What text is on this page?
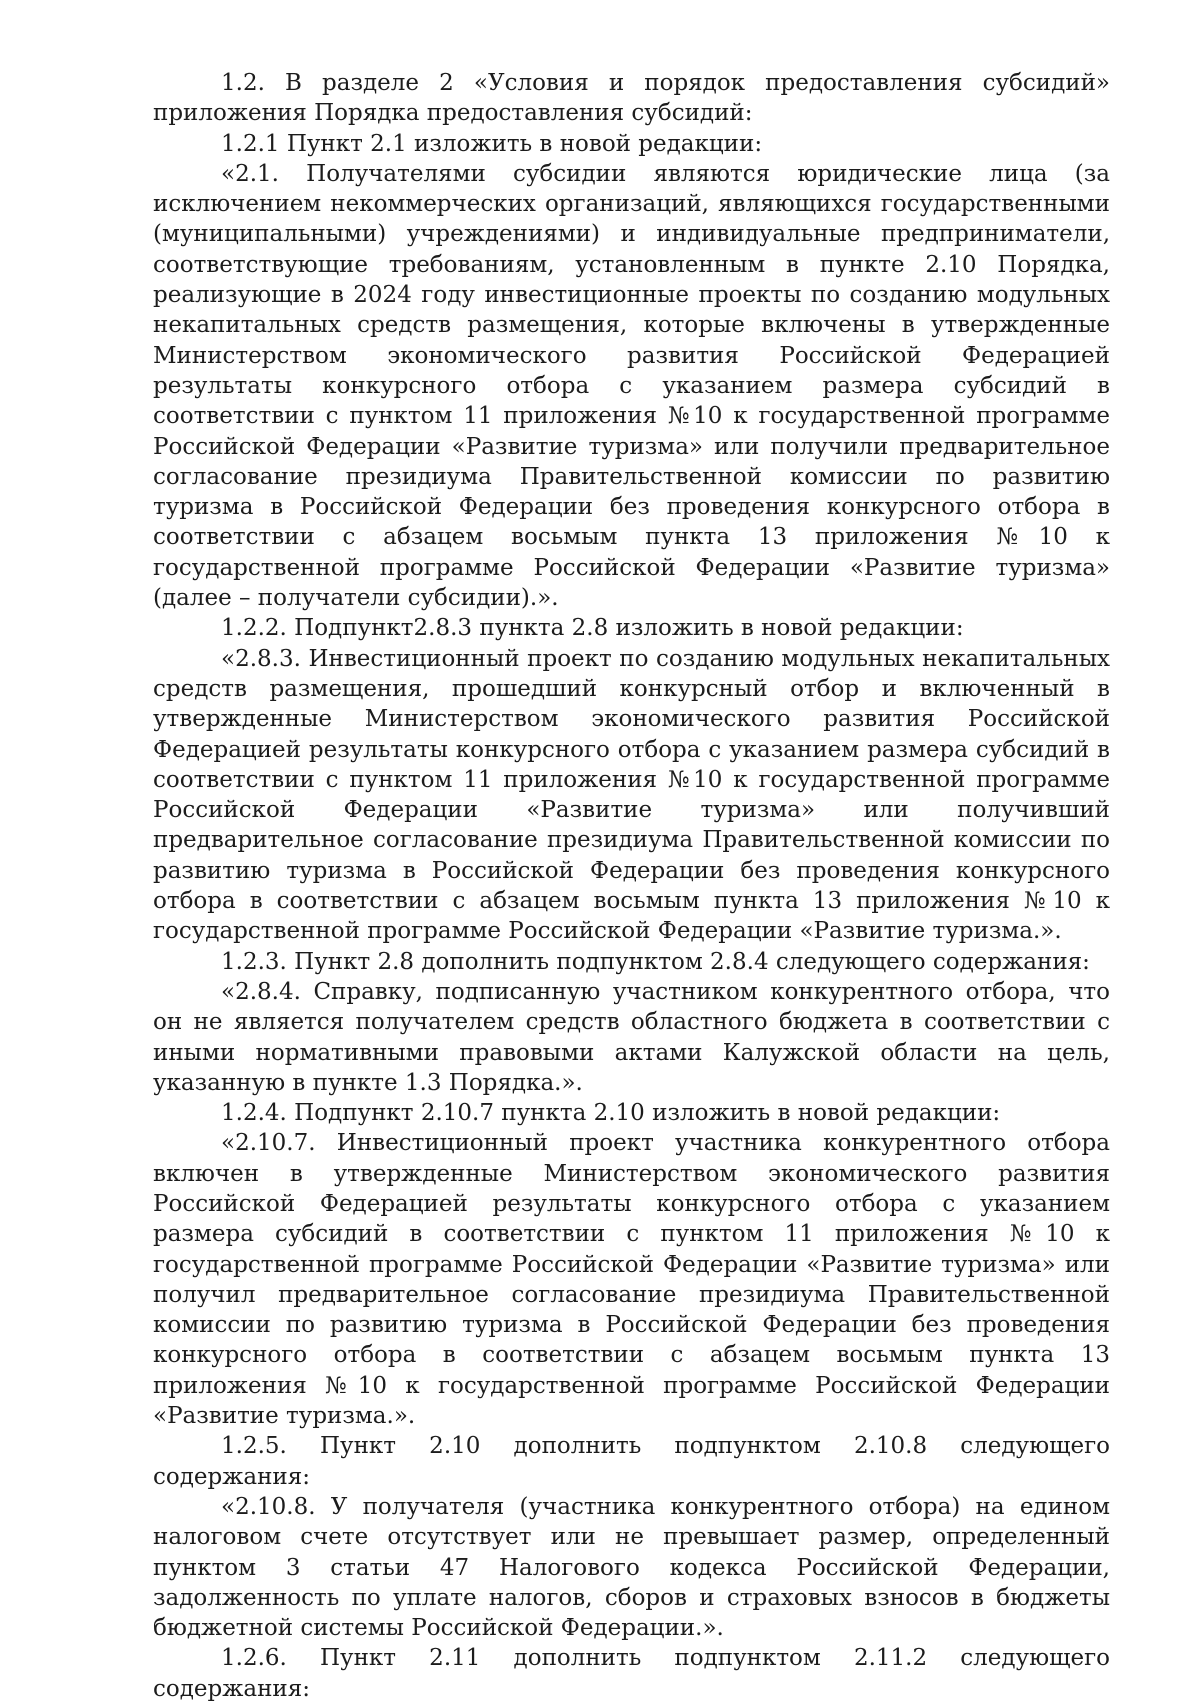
1.2. В разделе 2 «Условия и порядок предоставления субсидий» приложения Порядка предоставления субсидий:

1.2.1 Пункт 2.1 изложить в новой редакции:

«2.1. Получателями субсидии являются юридические лица (за исключением некоммерческих организаций, являющихся государственными (муниципальными) учреждениями) и индивидуальные предприниматели, соответствующие требованиям, установленным в пункте 2.10 Порядка, реализующие в 2024 году инвестиционные проекты по созданию модульных некапитальных средств размещения, которые включены в утвержденные Министерством экономического развития Российской Федерацией результаты конкурсного отбора с указанием размера субсидий в соответствии с пунктом 11 приложения №10 к государственной программе Российской Федерации «Развитие туризма» или получили предварительное согласование президиума Правительственной комиссии по развитию туризма в Российской Федерации без проведения конкурсного отбора в соответствии с абзацем восьмым пункта 13 приложения №10 к государственной программе Российской Федерации «Развитие туризма» (далее – получатели субсидии).».

1.2.2. Подпункт2.8.3 пункта 2.8 изложить в новой редакции:

«2.8.3. Инвестиционный проект по созданию модульных некапитальных средств размещения, прошедший конкурсный отбор и включенный в утвержденные Министерством экономического развития Российской Федерацией результаты конкурсного отбора с указанием размера субсидий в соответствии с пунктом 11 приложения №10 к государственной программе Российской Федерации «Развитие туризма» или получивший предварительное согласование президиума Правительственной комиссии по развитию туризма в Российской Федерации без проведения конкурсного отбора в соответствии с абзацем восьмым пункта 13 приложения №10 к государственной программе Российской Федерации «Развитие туризма.».

1.2.3. Пункт 2.8 дополнить подпунктом 2.8.4 следующего содержания:

«2.8.4. Справку, подписанную участником конкурентного отбора, что он не является получателем средств областного бюджета в соответствии с иными нормативными правовыми актами Калужской области на цель, указанную в пункте 1.3 Порядка.».

1.2.4. Подпункт 2.10.7 пункта 2.10 изложить в новой редакции:

«2.10.7. Инвестиционный проект участника конкурентного отбора включен в утвержденные Министерством экономического развития Российской Федерацией результаты конкурсного отбора с указанием размера субсидий в соответствии с пунктом 11 приложения №10 к государственной программе Российской Федерации «Развитие туризма» или получил предварительное согласование президиума Правительственной комиссии по развитию туризма в Российской Федерации без проведения конкурсного отбора в соответствии с абзацем восьмым пункта 13 приложения №10 к государственной программе Российской Федерации «Развитие туризма.».

1.2.5. Пункт 2.10 дополнить подпунктом 2.10.8 следующего содержания:

«2.10.8. У получателя (участника конкурентного отбора) на едином налоговом счете отсутствует или не превышает размер, определенный пунктом 3 статьи 47 Налогового кодекса Российской Федерации, задолженность по уплате налогов, сборов и страховых взносов в бюджеты бюджетной системы Российской Федерации.».

1.2.6. Пункт 2.11 дополнить подпунктом 2.11.2 следующего содержания:
